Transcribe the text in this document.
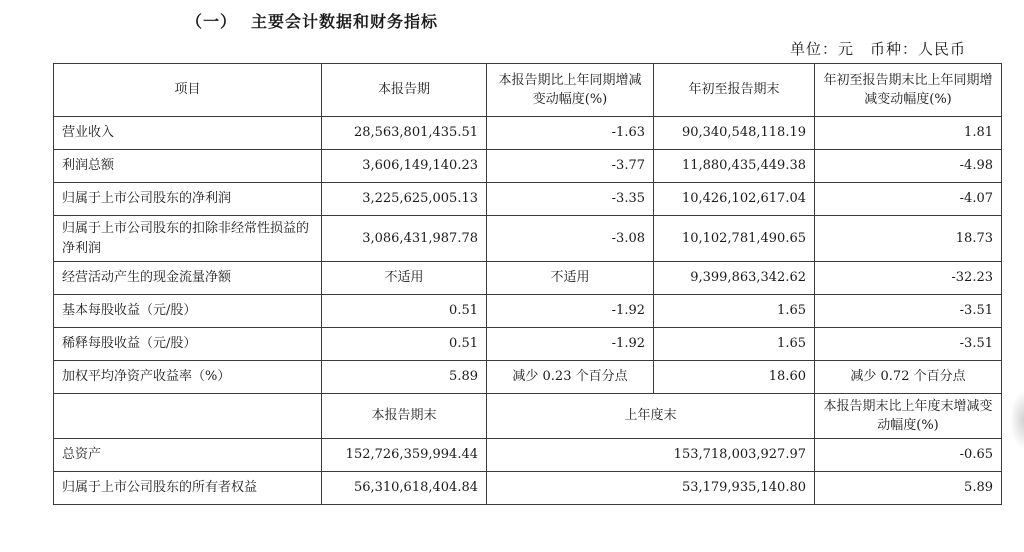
（一） 主要会计数据和财务指标
单位：元 币种：人民币
项目	本报告期	本报告期比上年同期增减变动幅度(%)	年初至报告期末	年初至报告期末比上年同期增减变动幅度(%)
营业收入	28,563,801,435.51	-1.63	90,340,548,118.19	1.81
利润总额	3,606,149,140.23	-3.77	11,880,435,449.38	-4.98
归属于上市公司股东的净利润	3,225,625,005.13	-3.35	10,426,102,617.04	-4.07
归属于上市公司股东的扣除非经常性损益的净利润	3,086,431,987.78	-3.08	10,102,781,490.65	18.73
经营活动产生的现金流量净额	不适用	不适用	9,399,863,342.62	-32.23
基本每股收益（元/股）	0.51	-1.92	1.65	-3.51
稀释每股收益（元/股）	0.51	-1.92	1.65	-3.51
加权平均净资产收益率（%）	5.89	减少 0.23 个百分点	18.60	减少 0.72 个百分点
	本报告期末	上年度末		本报告期末比上年度末增减变动幅度(%)
总资产	152,726,359,994.44	153,718,003,927.97		-0.65
归属于上市公司股东的所有者权益	56,310,618,404.84	53,179,935,140.80		5.89
